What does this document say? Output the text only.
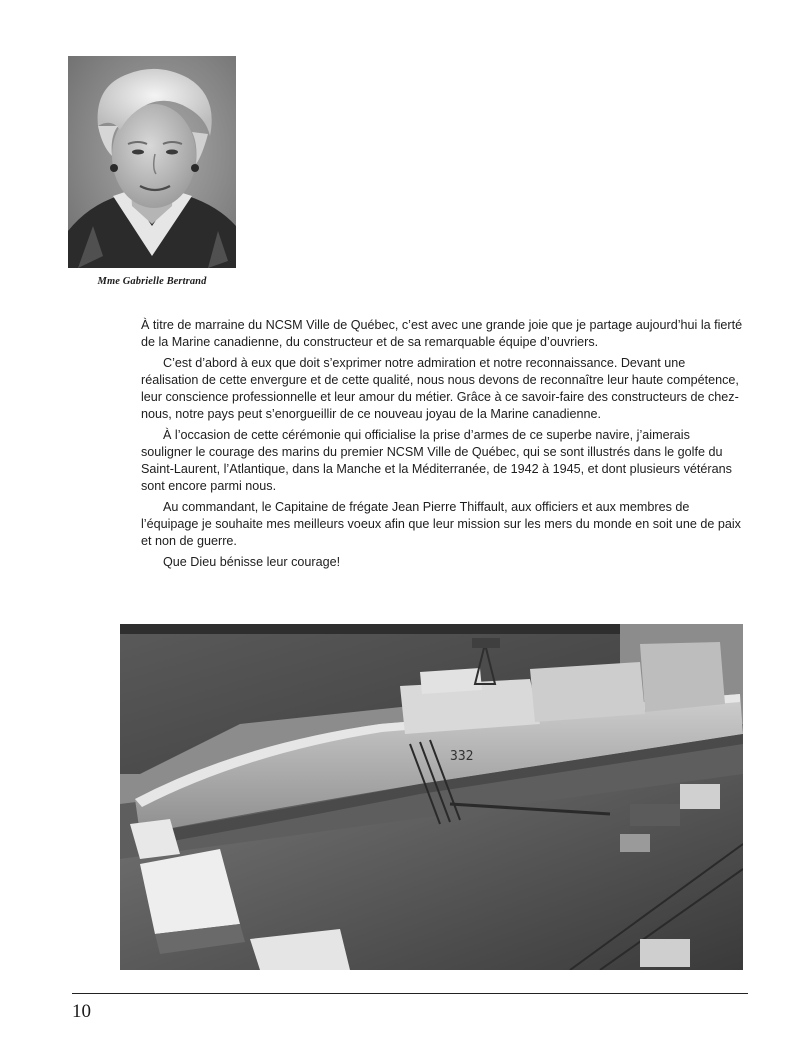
Mme Gabrielle Bertrand

À titre de marraine du NCSM Ville de Québec, c’est avec une grande joie que je partage aujourd’hui la fierté de la Marine canadienne, du constructeur et de sa remarquable équipe d’ouvriers.

C’est d’abord à eux que doit s’exprimer notre admiration et notre reconnaissance. Devant une réalisation de cette envergure et de cette qualité, nous nous devons de reconnaître leur haute compétence, leur conscience professionnelle et leur amour du métier. Grâce à ce savoir-faire des constructeurs de chez-nous, notre pays peut s’enorgueillir de ce nouveau joyau de la Marine canadienne.

À l’occasion de cette cérémonie qui officialise la prise d’armes de ce superbe navire, j’aimerais souligner le courage des marins du premier NCSM Ville de Québec, qui se sont illustrés dans le golfe du Saint-Laurent, l’Atlantique, dans la Manche et la Méditerranée, de 1942 à 1945, et dont plusieurs vétérans sont encore parmi nous.

Au commandant, le Capitaine de frégate Jean Pierre Thiffault, aux officiers et aux membres de l’équipage je souhaite mes meilleurs voeux afin que leur mission sur les mers du monde en soit une de paix et non de guerre.

Que Dieu bénisse leur courage!

332
10
